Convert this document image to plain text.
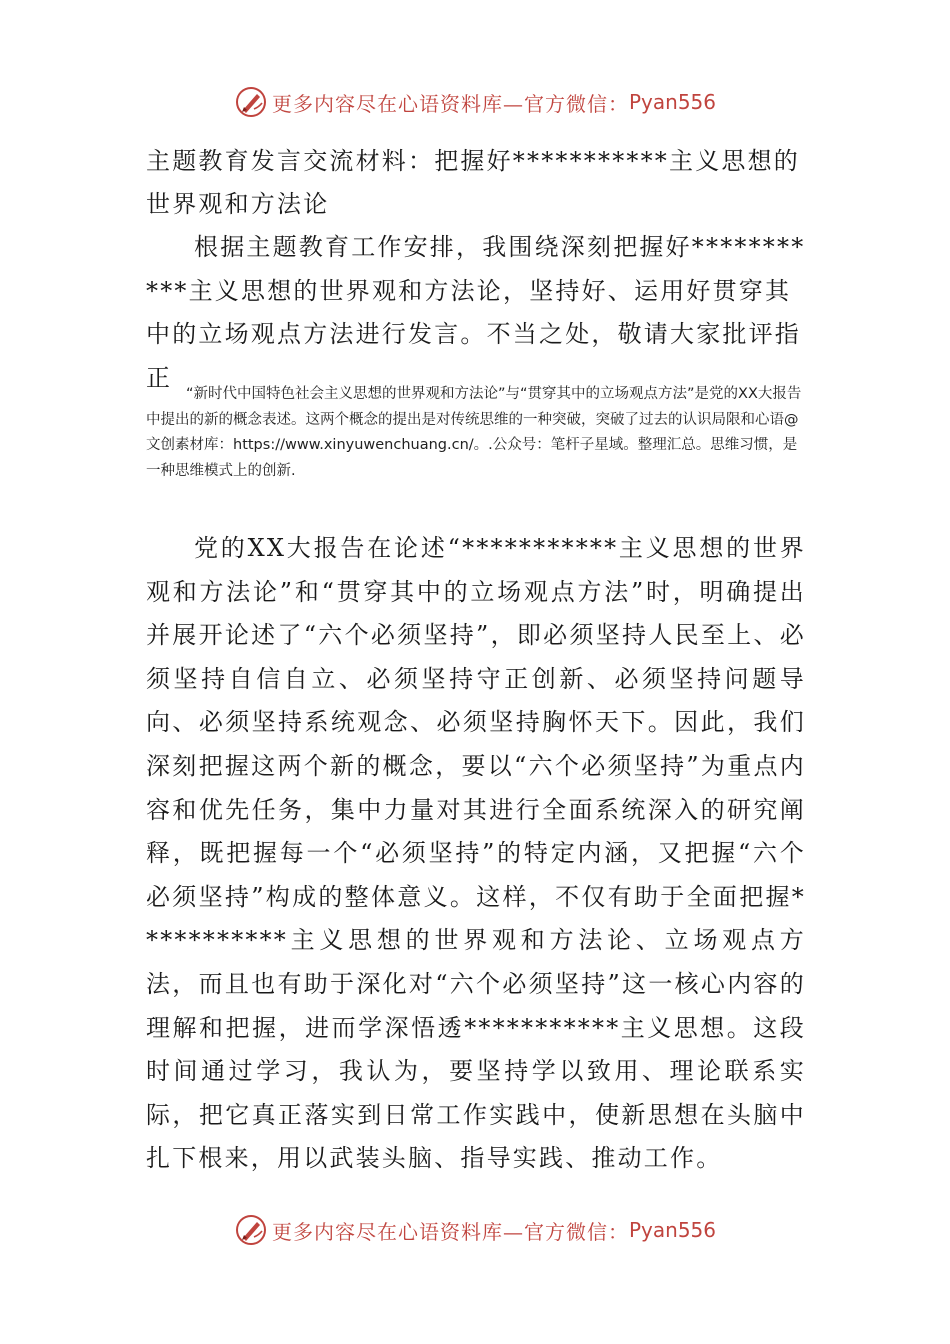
更多内容尽在心语资料库—官方微信： Pyan556
主题教育发言交流材料：把握好***********主义思想的世界观和方法论
根据主题教育工作安排，我围绕深刻把握好***********主义思想的世界观和方法论，坚持好、运用好贯穿其中的立场观点方法进行发言。不当之处，敬请大家批评指正
“新时代中国特色社会主义思想的世界观和方法论”与“贯穿其中的立场观点方法”是党的XX大报告中提出的新的概念表述。这两个概念的提出是对传统思维的一种突破，突破了过去的认识局限和心语@文创素材库：https://www.xinyuwenchuang.cn/。.公众号：笔杆子星域。整理汇总。思维习惯，是一种思维模式上的创新.
党的XX大报告在论述“***********主义思想的世界观和方法论”和“贯穿其中的立场观点方法”时，明确提出并展开论述了“六个必须坚持”，即必须坚持人民至上、必须坚持自信自立、必须坚持守正创新、必须坚持问题导向、必须坚持系统观念、必须坚持胸怀天下。因此，我们深刻把握这两个新的概念，要以“六个必须坚持”为重点内容和优先任务，集中力量对其进行全面系统深入的研究阐释，既把握每一个“必须坚持”的特定内涵，又把握“六个必须坚持”构成的整体意义。这样，不仅有助于全面把握***********主义思想的世界观和方法论、立场观点方法，而且也有助于深化对“六个必须坚持”这一核心内容的理解和把握，进而学深悟透***********主义思想。这段时间通过学习，我认为，要坚持学以致用、理论联系实际，把它真正落实到日常工作实践中，使新思想在头脑中扎下根来，用以武装头脑、指导实践、推动工作。
更多内容尽在心语资料库—官方微信： Pyan556
